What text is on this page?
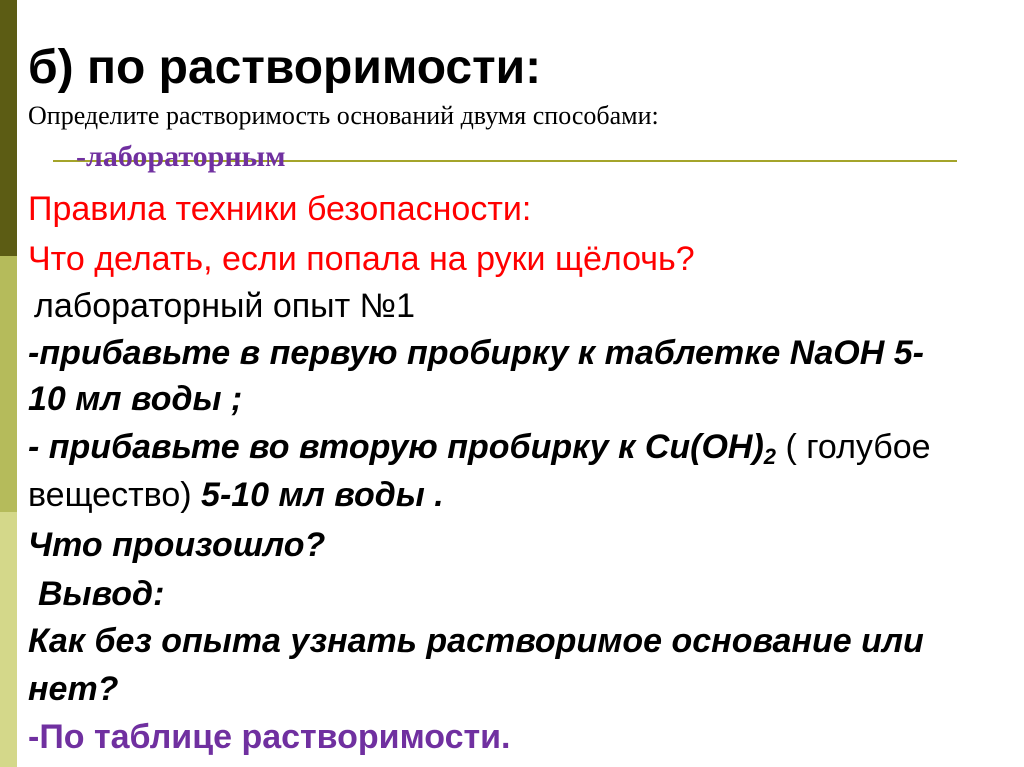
б) по растворимости:
Определите растворимость оснований двумя способами:
-лабораторным
Правила техники безопасности:
Что делать, если попала на руки щёлочь?
лабораторный опыт №1
-прибавьте в первую пробирку к таблетке NaOH 5-
10 мл воды ;
- прибавьте во вторую пробирку к $Cu(OH)_2$ ( голубое
вещество) 5-10 мл воды .
Что произошло?
Вывод:
Как без опыта узнать растворимое основание или
нет?
-По таблице растворимости.
